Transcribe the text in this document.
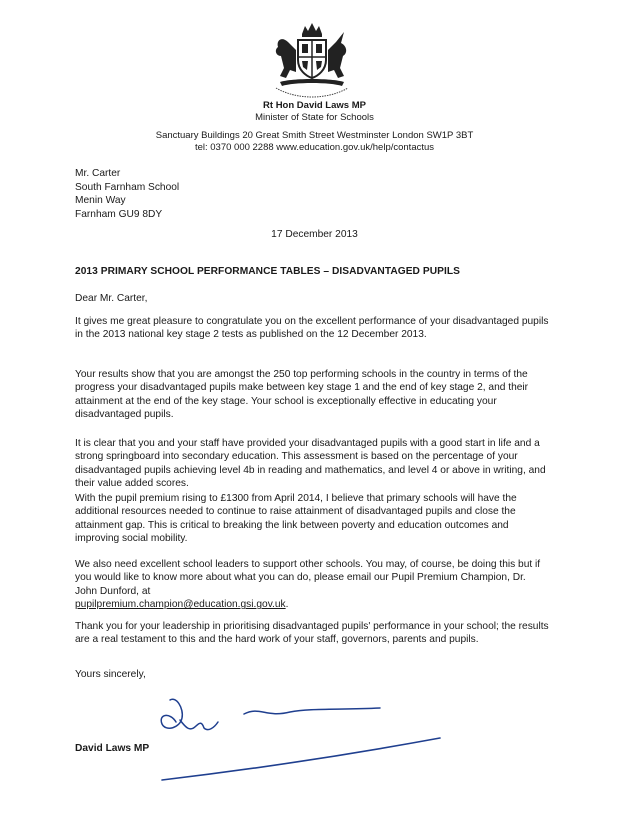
Rt Hon David Laws MP
Minister of State for Schools
Sanctuary Buildings 20 Great Smith Street Westminster London SW1P 3BT
tel: 0370 000 2288 www.education.gov.uk/help/contactus
Mr. Carter
South Farnham School
Menin Way
Farnham GU9 8DY
17 December 2013
2013 PRIMARY SCHOOL PERFORMANCE TABLES – DISADVANTAGED PUPILS
Dear Mr. Carter,

It gives me great pleasure to congratulate you on the excellent performance of your disadvantaged pupils in the 2013 national key stage 2 tests as published on the 12 December 2013.

Your results show that you are amongst the 250 top performing schools in the country in terms of the progress your disadvantaged pupils make between key stage 1 and the end of key stage 2, and their attainment at the end of the key stage. Your school is exceptionally effective in educating your disadvantaged pupils.

It is clear that you and your staff have provided your disadvantaged pupils with a good start in life and a strong springboard into secondary education. This assessment is based on the percentage of your disadvantaged pupils achieving level 4b in reading and mathematics, and level 4 or above in writing, and their value added scores.

With the pupil premium rising to £1300 from April 2014, I believe that primary schools will have the additional resources needed to continue to raise attainment of disadvantaged pupils and close the attainment gap. This is critical to breaking the link between poverty and education outcomes and improving social mobility.

We also need excellent school leaders to support other schools. You may, of course, be doing this but if you would like to know more about what you can do, please email our Pupil Premium Champion, Dr. John Dunford, at
pupilpremium.champion@education.gsi.gov.uk.

Thank you for your leadership in prioritising disadvantaged pupils' performance in your school; the results are a real testament to this and the hard work of your staff, governors, parents and pupils.

Yours sincerely,
David Laws MP
